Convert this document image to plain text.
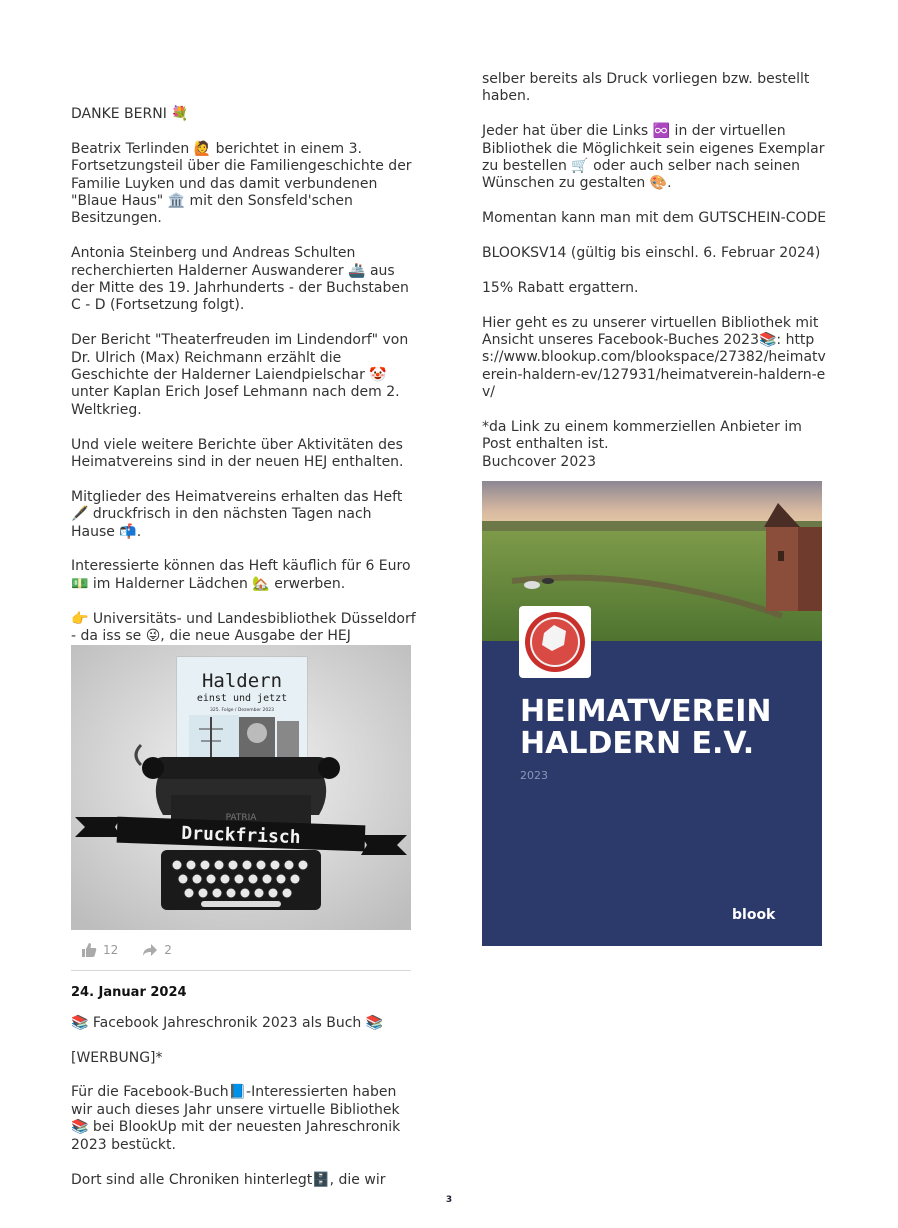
DANKE BERNI 💐

Beatrix Terlinden 🙋 berichtet in einem 3. Fortsetzungsteil über die Familiengeschichte der Familie Luyken und das damit verbundenen "Blaue Haus" 🏛️ mit den Sonsfeld'schen Besitzungen.

Antonia Steinberg und Andreas Schulten recherchierten Halderner Auswanderer 🚢 aus der Mitte des 19. Jahrhunderts - der Buchstaben C - D (Fortsetzung folgt).

Der Bericht "Theaterfreuden im Lindendorf" von Dr. Ulrich (Max) Reichmann erzählt die Geschichte der Halderner Laiendpielschar 🤡 unter Kaplan Erich Josef Lehmann nach dem 2. Weltkrieg.

Und viele weitere Berichte über Aktivitäten des Heimatvereins sind in der neuen HEJ enthalten.

Mitglieder des Heimatvereins erhalten das Heft 🖋️ druckfrisch in den nächsten Tagen nach Hause 📬.

Interessierte können das Heft käuflich für 6 Euro 💵 im Halderner Lädchen 🏡 erwerben.

👉 Universitäts- und Landesbibliothek Düsseldorf - da iss se 😜, die neue Ausgabe der HEJ

Haldern
einst und jetzt
325. Folge / Dezember 2023
PATRIA
Druckfrisch
12	2

24. Januar 2024

📚 Facebook Jahreschronik 2023 als Buch 📚

[WERBUNG]*

Für die Facebook-Buch📘-Interessierten haben wir auch dieses Jahr unsere virtuelle Bibliothek 📚 bei BlookUp mit der neuesten Jahreschronik 2023 bestückt.

Dort sind alle Chroniken hinterlegt🗄️, die wir

selber bereits als Druck vorliegen bzw. bestellt haben.

Jeder hat über die Links ♾️ in der virtuellen Bibliothek die Möglichkeit sein eigenes Exemplar zu bestellen 🛒 oder auch selber nach seinen Wünschen zu gestalten 🎨.

Momentan kann man mit dem GUTSCHEIN-CODE

BLOOKSV14 (gültig bis einschl. 6. Februar 2024)

15% Rabatt ergattern.

Hier geht es zu unserer virtuellen Bibliothek mit Ansicht unseres Facebook-Buches 2023📚: https://www.blookup.com/blookspace/27382/heimatverein-haldern-ev/127931/heimatverein-haldern-ev/

*da Link zu einem kommerziellen Anbieter im Post enthalten ist.

Buchcover 2023

HEIMATVEREIN
HALDERN E.V.
2023
blook
3
